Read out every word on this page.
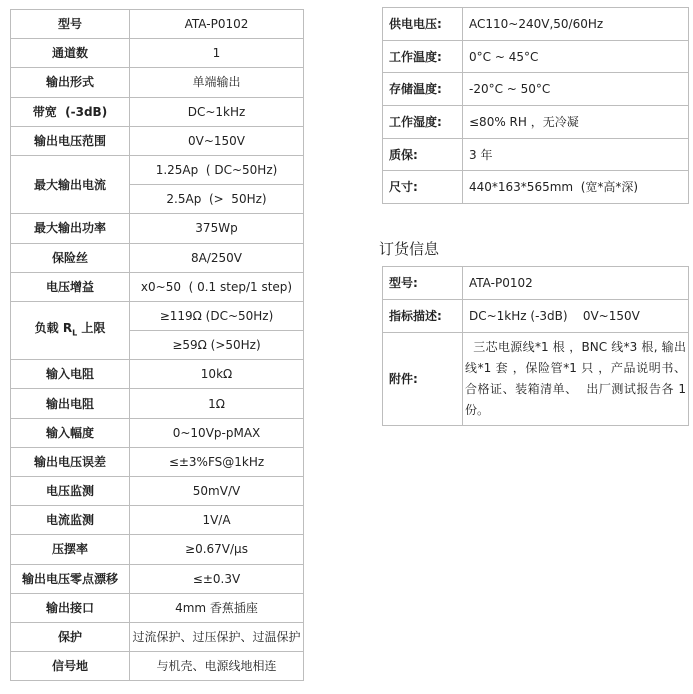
型号	ATA-P0102
通道数	1
输出形式	单端输出
带宽  (-3dB)	DC~1kHz
输出电压范围	0V~150V
最大输出电流	1.25Ap  ( DC~50Hz)
	2.5Ap  (>  50Hz)
最大输出功率	375Wp
保险丝	8A/250V
电压增益	x0~50  ( 0.1 step/1 step)
负载 $R_L$ 上限	≥119Ω (DC~50Hz)
	≥59Ω (>50Hz)
输入电阻	10kΩ
输出电阻	1Ω
输入幅度	0~10Vp-pMAX
输出电压误差	≤±3%FS@1kHz
电压监测	50mV/V
电流监测	1V/A
压摆率	≥0.67V/μs
输出电压零点漂移	≤±0.3V
输出接口	4mm 香蕉插座
保护	过流保护、过压保护、过温保护
信号地	与机壳、电源线地相连
供电电压:	AC110~240V,50/60Hz
工作温度:	0°C ~ 45°C
存储温度:	-20°C ~ 50°C
工作湿度:	≤80% RH ，无冷凝
质保:	3 年
尺寸:	440*163*565mm  (宽*高*深)
订货信息
型号:	ATA-P0102
指标描述:	DC~1kHz (-3dB)    0V~150V
附件:	三芯电源线*1 根 ，BNC 线*3 根, 输出线*1 套 ，保险管*1 只 ，产品说明书、合格证、装箱清单、  出厂测试报告各 1 份。
